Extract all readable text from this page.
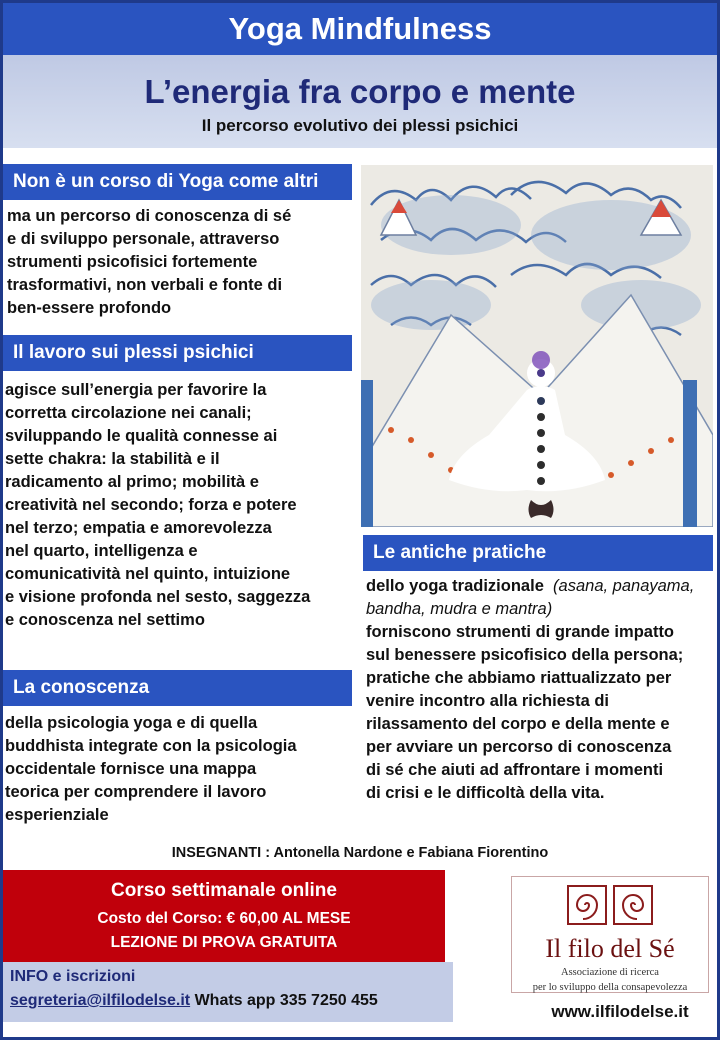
Yoga Mindfulness
L’energia fra corpo e mente
Il percorso evolutivo dei plessi psichici
Non è un corso di Yoga come altri
ma un percorso di conoscenza di sé
e di sviluppo personale, attraverso
strumenti psicofisici fortemente
trasformativi, non verbali e fonte di
ben-essere profondo
Il lavoro sui plessi psichici
agisce sull’energia per favorire la
corretta circolazione nei canali;
sviluppando le qualità connesse ai
sette chakra: la stabilità e il
radicamento al primo; mobilità e
creatività nel secondo; forza e potere
nel terzo; empatia e amorevolezza
nel quarto, intelligenza e
comunicatività nel quinto, intuizione
e visione profonda nel sesto, saggezza
e conoscenza nel settimo
La conoscenza
della psicologia yoga e di quella
buddhista integrate con la psicologia
occidentale fornisce una mappa
teorica per comprendere il lavoro
esperienziale
Le antiche pratiche
dello yoga tradizionale (asana, panayama, bandha, mudra e mantra)
forniscono strumenti di grande impatto
sul benessere psicofisico della persona;
pratiche che abbiamo riattualizzato per
venire incontro alla richiesta di
rilassamento del corpo e della mente e
per avviare un percorso di conoscenza
di sé che aiuti ad affrontare i momenti
di crisi e le difficoltà della vita.
INSEGNANTI : Antonella Nardone e Fabiana Fiorentino
Corso settimanale online
Costo del Corso: € 60,00 AL MESE
LEZIONE DI PROVA GRATUITA
INFO e iscrizioni
segreteria@ilfilodelse.it Whats app 335 7250 455
Il filo del Sé
Associazione di ricerca
per lo sviluppo della consapevolezza
www.ilfilodelse.it
